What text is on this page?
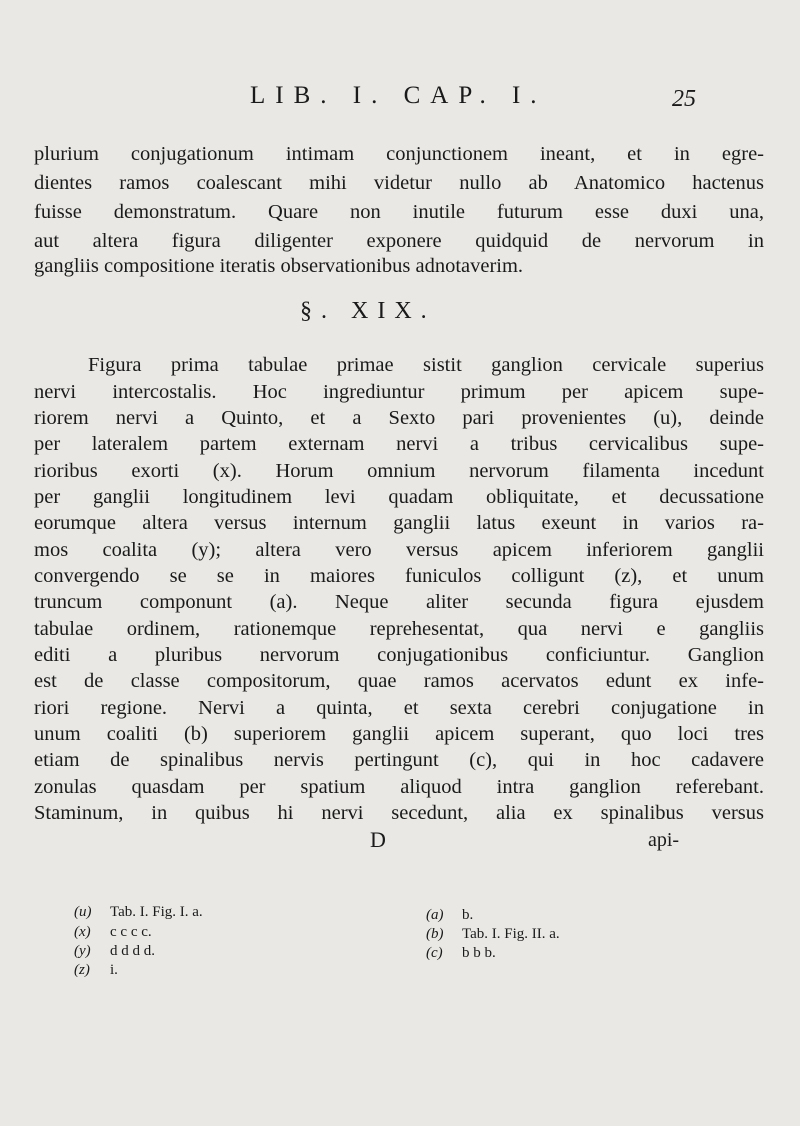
LIB. I. CAP. I.	25
plurium conjugationum intimam conjunctionem ineant, et in egre-
dientes ramos coalescant mihi videtur nullo ab Anatomico hactenus
fuisse demonstratum. Quare non inutile futurum esse duxi una,
aut altera figura diligenter exponere quidquid de nervorum in
gangliis compositione iteratis observationibus adnotaverim.
§. XIX.
Figura prima tabulae primae sistit ganglion cervicale superius
nervi intercostalis. Hoc ingrediuntur primum per apicem supe-
riorem nervi a Quinto, et a Sexto pari provenientes (u), deinde
per lateralem partem externam nervi a tribus cervicalibus supe-
rioribus exorti (x). Horum omnium nervorum filamenta incedunt
per ganglii longitudinem levi quadam obliquitate, et decussatione
eorumque altera versus internum ganglii latus exeunt in varios ra-
mos coalita (y); altera vero versus apicem inferiorem ganglii
convergendo se se in maiores funiculos colligunt (z), et unum
truncum componunt (a). Neque aliter secunda figura ejusdem
tabulae ordinem, rationemque reprehesentat, qua nervi e gangliis
editi a pluribus nervorum conjugationibus conficiuntur. Ganglion
est de classe compositorum, quae ramos acervatos edunt ex infe-
riori regione. Nervi a quinta, et sexta cerebri conjugatione in
unum coaliti (b) superiorem ganglii apicem superant, quo loci tres
etiam de spinalibus nervis pertingunt (c), qui in hoc cadavere
zonulas quasdam per spatium aliquod intra ganglion referebant.
Staminum, in quibus hi nervi secedunt, alia ex spinalibus versus
D	api-
(u) Tab. I. Fig. I. a.
(x) c c c c.
(y) d d d d.
(z) i.
(a) b.
(b) Tab. I. Fig. II. a.
(c) b b b.
